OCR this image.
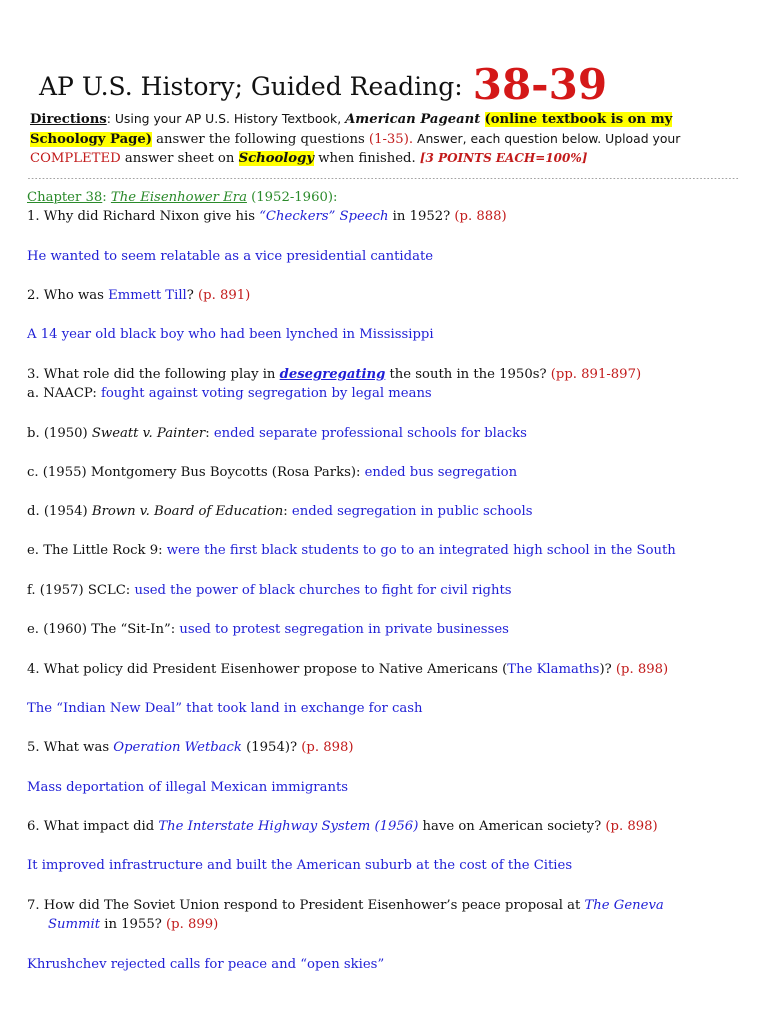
AP U.S. History; Guided Reading: 38-39
Directions: Using your AP U.S. History Textbook, American Pageant (online textbook is on my
Schoology Page) answer the following questions (1-35). Answer, each question below. Upload your
COMPLETED answer sheet on Schoology when finished. [3 POINTS EACH=100%]
-----------------------------------------------------------------------------------------------------------------------------------------------------------------------------------------------------
Chapter 38: The Eisenhower Era (1952-1960):
1. Why did Richard Nixon give his “Checkers” Speech in 1952? (p. 888)
He wanted to seem relatable as a vice presidential cantidate
2. Who was Emmett Till? (p. 891)
A 14 year old black boy who had been lynched in Mississippi
3. What role did the following play in desegregating the south in the 1950s? (pp. 891-897)
a. NAACP: fought against voting segregation by legal means
b. (1950) Sweatt v. Painter: ended separate professional schools for blacks
c. (1955) Montgomery Bus Boycotts (Rosa Parks): ended bus segregation
d. (1954) Brown v. Board of Education: ended segregation in public schools
e. The Little Rock 9: were the first black students to go to an integrated high school in the South
f. (1957) SCLC: used the power of black churches to fight for civil rights
e. (1960) The “Sit-In”: used to protest segregation in private businesses
4. What policy did President Eisenhower propose to Native Americans (The Klamaths)? (p. 898)
The “Indian New Deal” that took land in exchange for cash
5. What was Operation Wetback (1954)? (p. 898)
Mass deportation of illegal Mexican immigrants
6. What impact did The Interstate Highway System (1956) have on American society? (p. 898)
It improved infrastructure and built the American suburb at the cost of the Cities
7. How did The Soviet Union respond to President Eisenhower’s peace proposal at The Geneva
Summit in 1955? (p. 899)
Khrushchev rejected calls for peace and “open skies”
